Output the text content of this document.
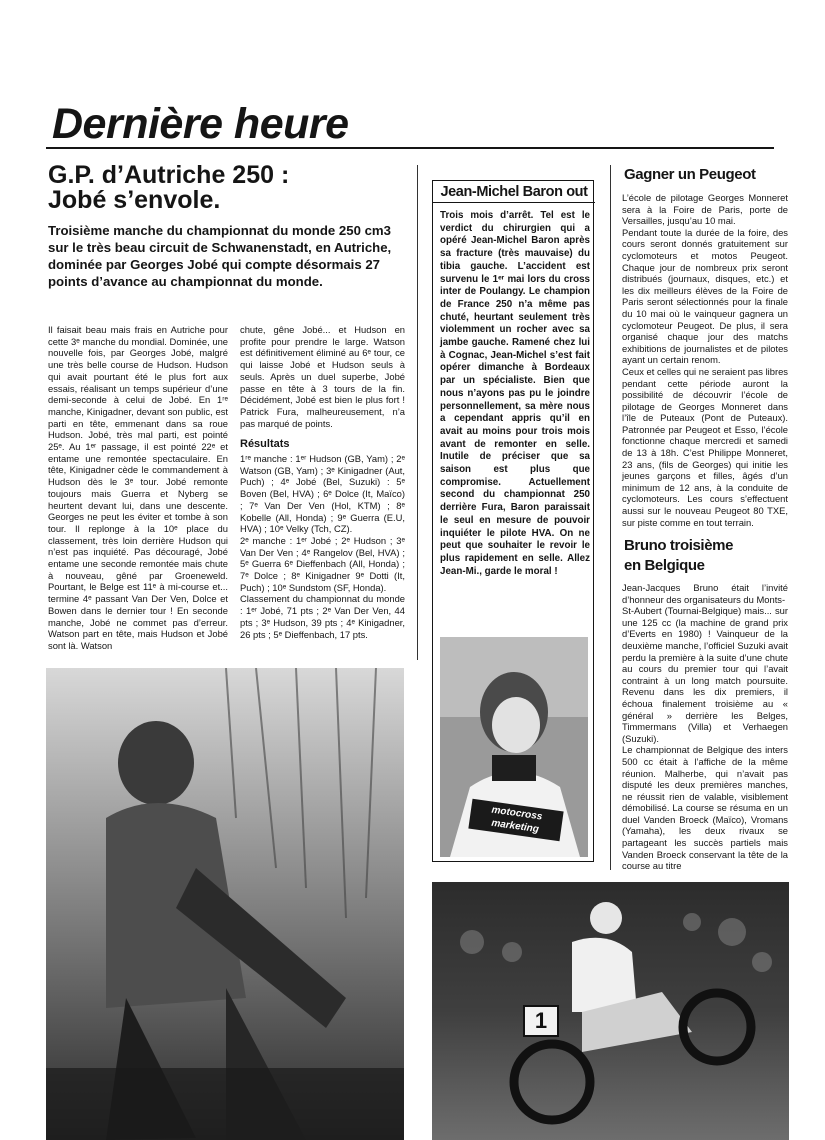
Dernière heure
G.P. d’Autriche 250 :
Jobé s’envole.
Troisième manche du championnat du monde 250 cm3 sur le très beau circuit de Schwanenstadt, en Autriche, dominée par Georges Jobé qui compte désormais 27 points d’avance au championnat du monde.

Il faisait beau mais frais en Autriche pour cette 3ᵉ manche du mondial. Dominée, une nouvelle fois, par Georges Jobé, malgré une très belle course de Hudson. Hudson qui avait pourtant été le plus fort aux essais, réalisant un temps supérieur d’une demi-seconde à celui de Jobé. En 1ʳᵉ manche, Kinigadner, devant son public, est parti en tête, emmenant dans sa roue Hudson. Jobé, très mal parti, est pointé 25ᵉ. Au 1ᵉʳ passage, il est pointé 22ᵉ et entame une remontée spectaculaire. En tête, Kinigadner cède le commandement à Hudson dès le 3ᵉ tour. Jobé remonte toujours mais Guerra et Nyberg se heurtent devant lui, dans une descente. Georges ne peut les éviter et tombe à son tour. Il replonge à la 10ᵉ place du classement, très loin derrière Hudson qui n’est pas inquiété. Pas découragé, Jobé entame une seconde remontée mais chute à nouveau, gêné par Groeneweld. Pourtant, le Belge est 11ᵉ à mi-course et... termine 4ᵉ passant Van Der Ven, Dolce et Bowen dans le dernier tour ! En seconde manche, Jobé ne commet pas d’erreur. Watson part en tête, mais Hudson et Jobé sont là. Watson

chute, gêne Jobé... et Hudson en profite pour prendre le large. Watson est définitivement éliminé au 6ᵉ tour, ce qui laisse Jobé et Hudson seuls à seuls. Après un duel superbe, Jobé passe en tête à 3 tours de la fin. Décidément, Jobé est bien le plus fort ! Patrick Fura, malheureusement, n’a pas marqué de points.

Résultats

1ʳᵉ manche : 1ᵉʳ Hudson (GB, Yam) ; 2ᵉ Watson (GB, Yam) ; 3ᵉ Kinigadner (Aut, Puch) ; 4ᵉ Jobé (Bel, Suzuki) : 5ᵉ Boven (Bel, HVA) ; 6ᵉ Dolce (It, Maïco) ; 7ᵉ Van Der Ven (Hol, KTM) ; 8ᵉ Kobelle (All, Honda) ; 9ᵉ Guerra (E.U, HVA) ; 10ᵉ Velky (Tch, CZ).

2ᵉ manche : 1ᵉʳ Jobé ; 2ᵉ Hudson ; 3ᵉ Van Der Ven ; 4ᵉ Rangelov (Bel, HVA) ; 5ᵉ Guerra 6ᵉ Dieffenbach (All, Honda) ; 7ᵉ Dolce ; 8ᵉ Kinigadner 9ᵉ Dotti (It, Puch) ; 10ᵉ Sundstom (SF, Honda).

Classement du championnat du monde : 1ᵉʳ Jobé, 71 pts ; 2ᵉ Van Der Ven, 44 pts ; 3ᵉ Hudson, 39 pts ; 4ᵉ Kinigadner, 26 pts ; 5ᵉ Dieffenbach, 17 pts.

Jean-Michel Baron out
Trois mois d’arrêt. Tel est le verdict du chirurgien qui a opéré Jean-Michel Baron après sa fracture (très mauvaise) du tibia gauche. L’accident est survenu le 1ᵉʳ mai lors du cross inter de Poulangy. Le champion de France 250 n’a même pas chuté, heurtant seulement très violemment un rocher avec sa jambe gauche. Ramené chez lui à Cognac, Jean-Michel s’est fait opérer dimanche à Bordeaux par un spécialiste. Bien que nous n’ayons pas pu le joindre personnellement, sa mère nous a cependant appris qu’il en avait au moins pour trois mois avant de remonter en selle. Inutile de préciser que sa saison est plus que compromise. Actuellement second du championnat 250 derrière Fura, Baron paraissait le seul en mesure de pouvoir inquiéter le pilote HVA. On ne peut que souhaiter le revoir le plus rapidement en selle. Allez Jean-Mi., garde le moral !
motocross
marketing
Gagner un Peugeot

L’école de pilotage Georges Monneret sera à la Foire de Paris, porte de Versailles, jusqu’au 10 mai.

Pendant toute la durée de la foire, des cours seront donnés gratuitement sur cyclomoteurs et motos Peugeot. Chaque jour de nombreux prix seront distribués (journaux, disques, etc.) et les dix meilleurs élèves de la Foire de Paris seront sélectionnés pour la finale du 10 mai où le vainqueur gagnera un cyclomoteur Peugeot. De plus, il sera organisé chaque jour des matchs exhibitions de journalistes et de pilotes ayant un certain renom.

Ceux et celles qui ne seraient pas libres pendant cette période auront la possibilité de découvrir l’école de pilotage de Georges Monneret dans l’île de Puteaux (Pont de Puteaux). Patronnée par Peugeot et Esso, l’école fonctionne chaque mercredi et samedi de 13 à 18h. C’est Philippe Monneret, 23 ans, (fils de Georges) qui initie les jeunes garçons et filles, âgés d’un minimum de 12 ans, à la conduite de cyclomoteurs. Les cours s’effectuent aussi sur le nouveau Peugeot 80 TXE, sur piste comme en tout terrain.

Bruno troisième
en Belgique

Jean-Jacques Bruno était l’invité d’honneur des organisateurs du Monts-

St-Aubert (Tournai-Belgique) mais... sur une 125 cc (la machine de grand prix d’Everts en 1980) ! Vainqueur de la deuxième manche, l’officiel Suzuki avait perdu la première à la suite d’une chute au cours du premier tour qui l’avait contraint à un long match poursuite. Revenu dans les dix premiers, il échoua finalement troisième au « général » derrière les Belges, Timmermans (Villa) et Verhaegen (Suzuki).

Le championnat de Belgique des inters 500 cc était à l’affiche de la même réunion. Malherbe, qui n’avait pas disputé les deux premières manches, ne réussit rien de valable, visiblement démobilisé. La course se résuma en un duel Vanden Broeck (Maïco), Vromans (Yamaha), les deux rivaux se partageant les succès partiels mais Vanden Broeck conservant la tête de la course au titre

1
